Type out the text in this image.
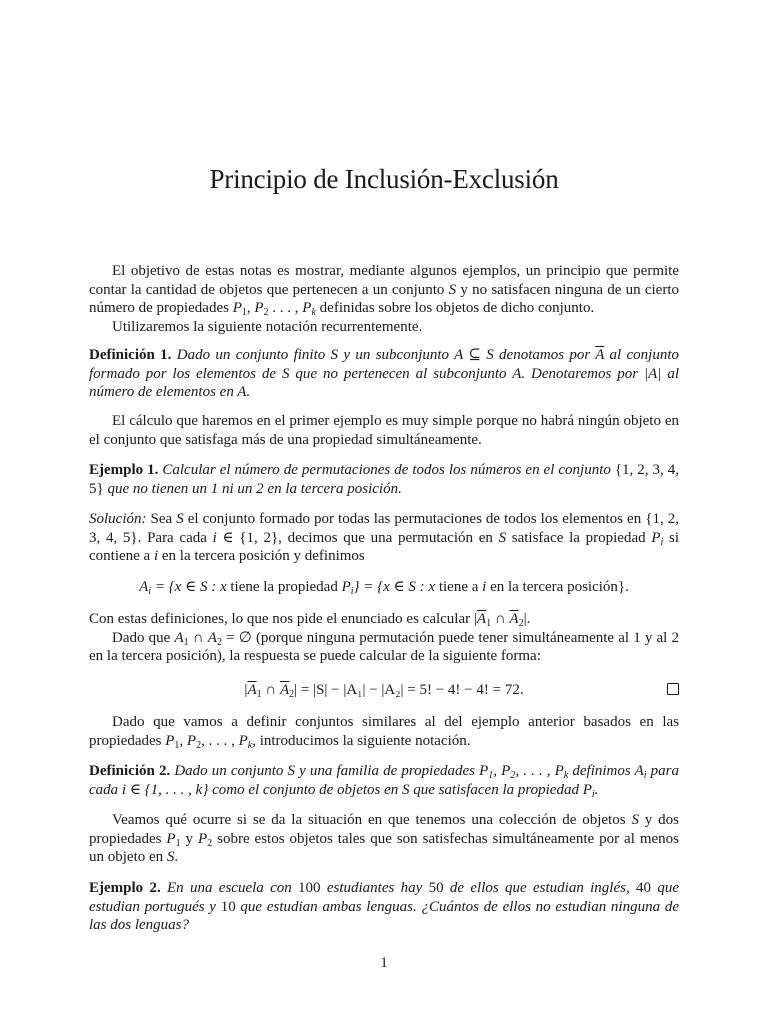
Principio de Inclusión-Exclusión

El objetivo de estas notas es mostrar, mediante algunos ejemplos, un principio que permite contar la cantidad de objetos que pertenecen a un conjunto S y no satisfacen ninguna de un cierto número de propiedades $P_1$, $P_2$ . . . , $P_k$ definidas sobre los objetos de dicho conjunto.

Utilizaremos la siguiente notación recurrentemente.

Definición 1. Dado un conjunto finito S y un subconjunto A ⊆ S denotamos por $\overline{A}$ al conjunto formado por los elementos de S que no pertenecen al subconjunto A. Denotaremos por |A| al número de elementos en A.

El cálculo que haremos en el primer ejemplo es muy simple porque no habrá ningún objeto en el conjunto que satisfaga más de una propiedad simultáneamente.

Ejemplo 1. Calcular el número de permutaciones de todos los números en el conjunto {1, 2, 3, 4, 5} que no tienen un 1 ni un 2 en la tercera posición.

Solución: Sea S el conjunto formado por todas las permutaciones de todos los elementos en {1, 2, 3, 4, 5}. Para cada i ∈ {1, 2}, decimos que una permutación en S satisface la propiedad $P_i$ si contiene a i en la tercera posición y definimos

$A_i = \{x$ ∈ S : x tiene la propiedad $P_i\} = \{x$ ∈ S : x tiene a i en la tercera posición}.

Con estas definiciones, lo que nos pide el enunciado es calcular $|\overline{A}_1$ ∩ $\overline{A}_2|$.

Dado que $A_1$ ∩ $A_2$ = ∅ (porque ninguna permutación puede tener simultáneamente al 1 y al 2 en la tercera posición), la respuesta se puede calcular de la siguiente forma:

$|\overline{A}_1$ ∩ $\overline{A}_2| = |S| - |A_1| - |A_2| = 5$! − 4! − 4! = 72.

Dado que vamos a definir conjuntos similares al del ejemplo anterior basados en las propiedades $P_1$, $P_2$, . . . , $P_k$, introducimos la siguiente notación.

Definición 2. Dado un conjunto S y una familia de propiedades $P_1$, $P_2$, . . . , $P_k$ definimos $A_i$ para cada i ∈ {1, . . . , k} como el conjunto de objetos en S que satisfacen la propiedad $P_i$.

Veamos qué ocurre si se da la situación en que tenemos una colección de objetos S y dos propiedades $P_1$ y $P_2$ sobre estos objetos tales que son satisfechas simultáneamente por al menos un objeto en S.

Ejemplo 2. En una escuela con 100 estudiantes hay 50 de ellos que estudian inglés, 40 que estudian portugués y 10 que estudian ambas lenguas. ¿Cuántos de ellos no estudian ninguna de las dos lenguas?

1
